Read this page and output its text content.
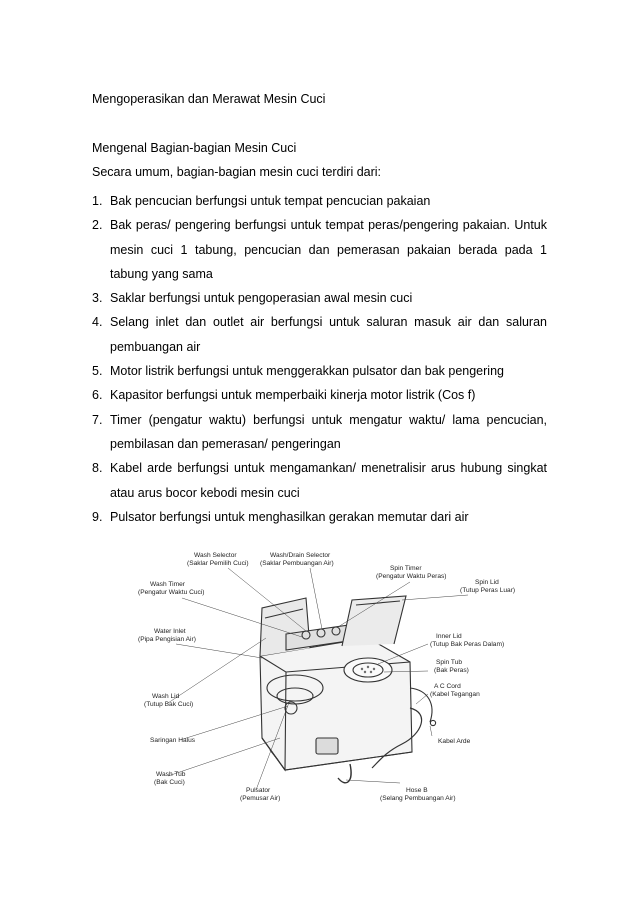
Mengoperasikan dan Merawat Mesin Cuci
Mengenal Bagian-bagian Mesin Cuci
Secara umum, bagian-bagian mesin cuci terdiri dari:
1. Bak pencucian berfungsi untuk tempat pencucian pakaian
2. Bak peras/ pengering berfungsi untuk tempat peras/pengering pakaian. Untuk mesin cuci 1 tabung, pencucian dan pemerasan pakaian berada pada 1 tabung yang sama
3. Saklar berfungsi untuk pengoperasian awal mesin cuci
4. Selang inlet dan outlet air berfungsi untuk saluran masuk air dan saluran pembuangan air
5. Motor listrik berfungsi untuk menggerakkan pulsator dan bak pengering
6. Kapasitor berfungsi untuk memperbaiki kinerja motor listrik (Cos f)
7. Timer (pengatur waktu) berfungsi untuk mengatur waktu/ lama pencucian, pembilasan dan pemerasan/ pengeringan
8. Kabel arde berfungsi untuk mengamankan/ menetralisir arus hubung singkat atau arus bocor kebodi mesin cuci
9. Pulsator berfungsi untuk menghasilkan gerakan memutar dari air
Wash Selector
(Saklar Pemilih Cuci)
Wash/Drain Selector
(Saklar Pembuangan Air)
Spin Timer
(Pengatur Waktu Peras)
Wash Timer
(Pengatur Waktu Cuci)
Spin Lid
(Tutup Peras Luar)
Water Inlet
(Pipa Pengisian Air)	Inner Lid
(Tutup Bak Peras Dalam)
Spin Tub
(Bak Peras)
A C Cord
(Kabel Tegangan
Wash Lid
(Tutup Bak Cuci)
Kabel Arde
Saringan Halus
Wash Tub
(Bak Cuci)
Pulsator
(Pemusar Air)
Hose B
(Selang Pembuangan Air)
